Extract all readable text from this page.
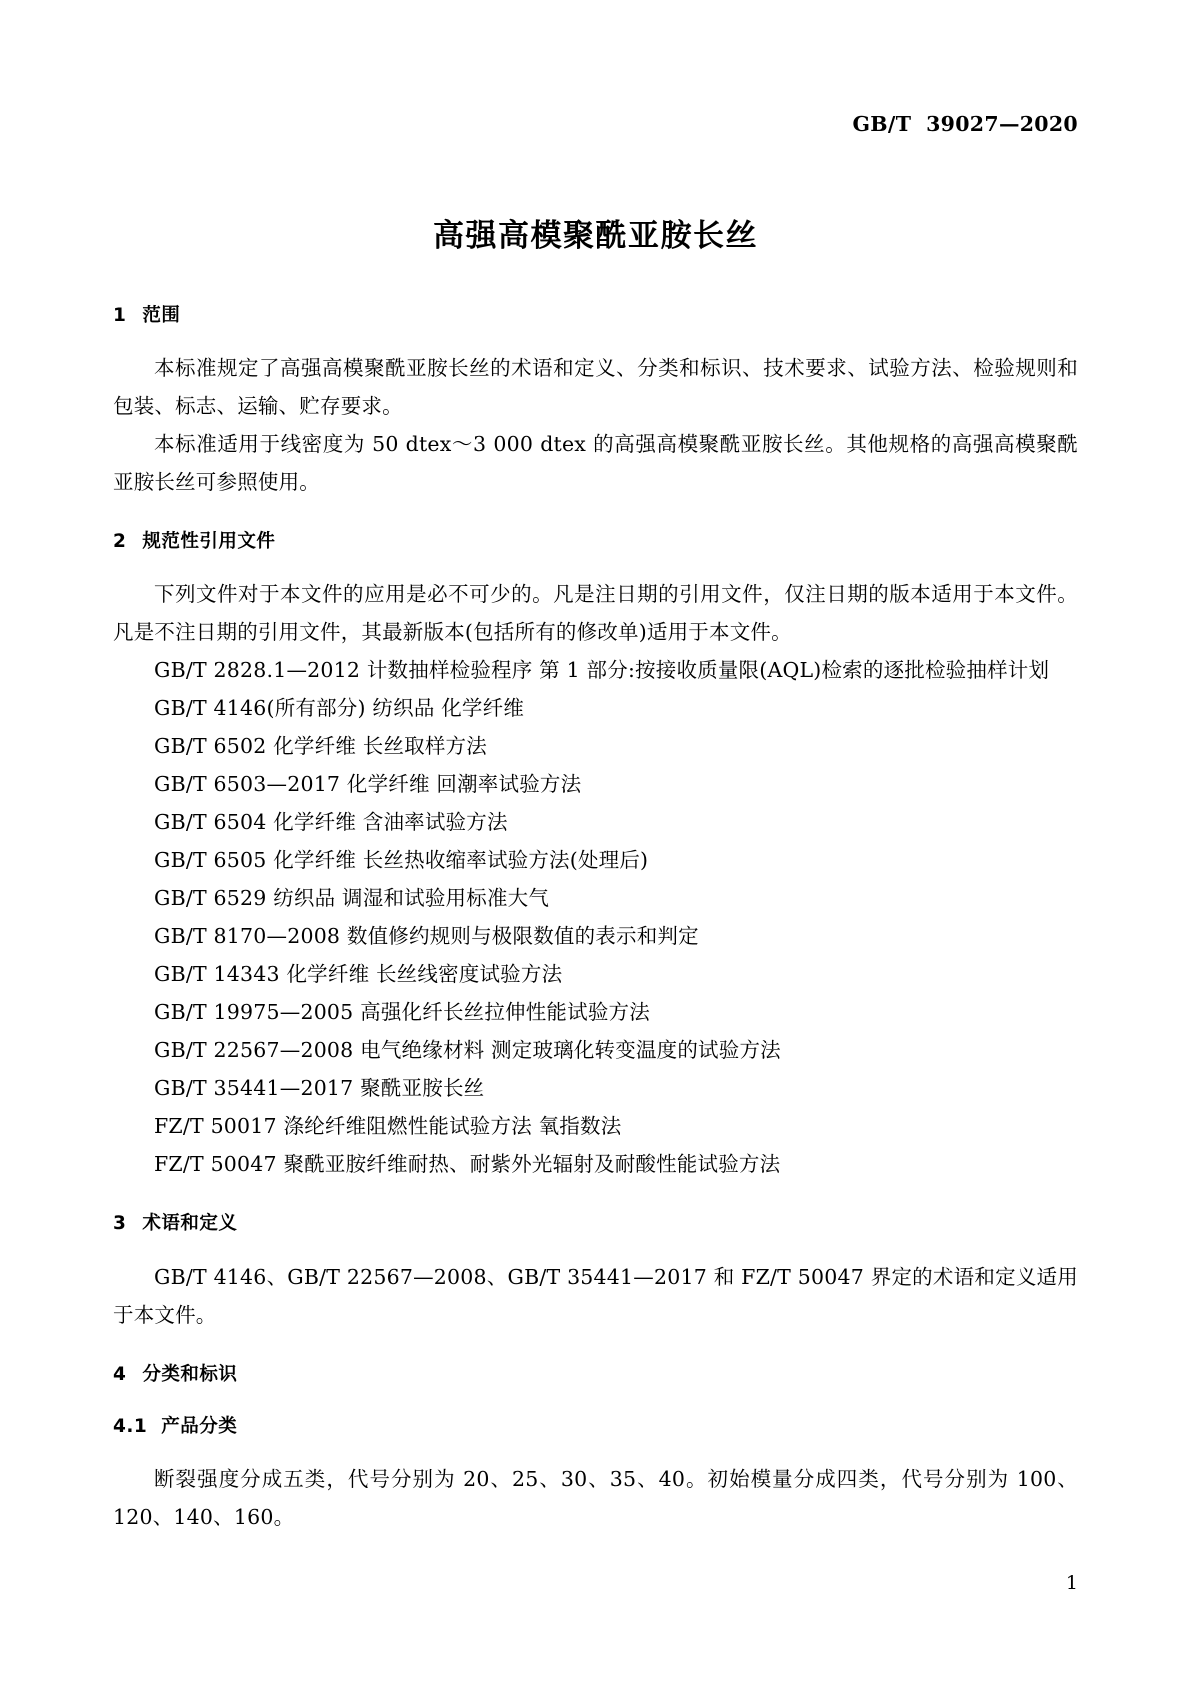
GB/T  39027—2020
高强高模聚酰亚胺长丝
1 范围

本标准规定了高强高模聚酰亚胺长丝的术语和定义、分类和标识、技术要求、试验方法、检验规则和包装、标志、运输、贮存要求。

本标准适用于线密度为 50 dtex～3 000 dtex 的高强高模聚酰亚胺长丝。其他规格的高强高模聚酰亚胺长丝可参照使用。

2 规范性引用文件

下列文件对于本文件的应用是必不可少的。凡是注日期的引用文件，仅注日期的版本适用于本文件。凡是不注日期的引用文件，其最新版本(包括所有的修改单)适用于本文件。

GB/T 2828.1—2012 计数抽样检验程序 第 1 部分:按接收质量限(AQL)检索的逐批检验抽样计划
GB/T 4146(所有部分) 纺织品 化学纤维
GB/T 6502 化学纤维 长丝取样方法
GB/T 6503—2017 化学纤维 回潮率试验方法
GB/T 6504 化学纤维 含油率试验方法
GB/T 6505 化学纤维 长丝热收缩率试验方法(处理后)
GB/T 6529 纺织品 调湿和试验用标准大气
GB/T 8170—2008 数值修约规则与极限数值的表示和判定
GB/T 14343 化学纤维 长丝线密度试验方法
GB/T 19975—2005 高强化纤长丝拉伸性能试验方法
GB/T 22567—2008 电气绝缘材料 测定玻璃化转变温度的试验方法
GB/T 35441—2017 聚酰亚胺长丝
FZ/T 50017 涤纶纤维阻燃性能试验方法 氧指数法
FZ/T 50047 聚酰亚胺纤维耐热、耐紫外光辐射及耐酸性能试验方法
3 术语和定义

GB/T 4146、GB/T 22567—2008、GB/T 35441—2017 和 FZ/T 50047 界定的术语和定义适用于本文件。

4 分类和标识
4.1 产品分类

断裂强度分成五类，代号分别为 20、25、30、35、40。初始模量分成四类，代号分别为 100、120、140、160。

1
